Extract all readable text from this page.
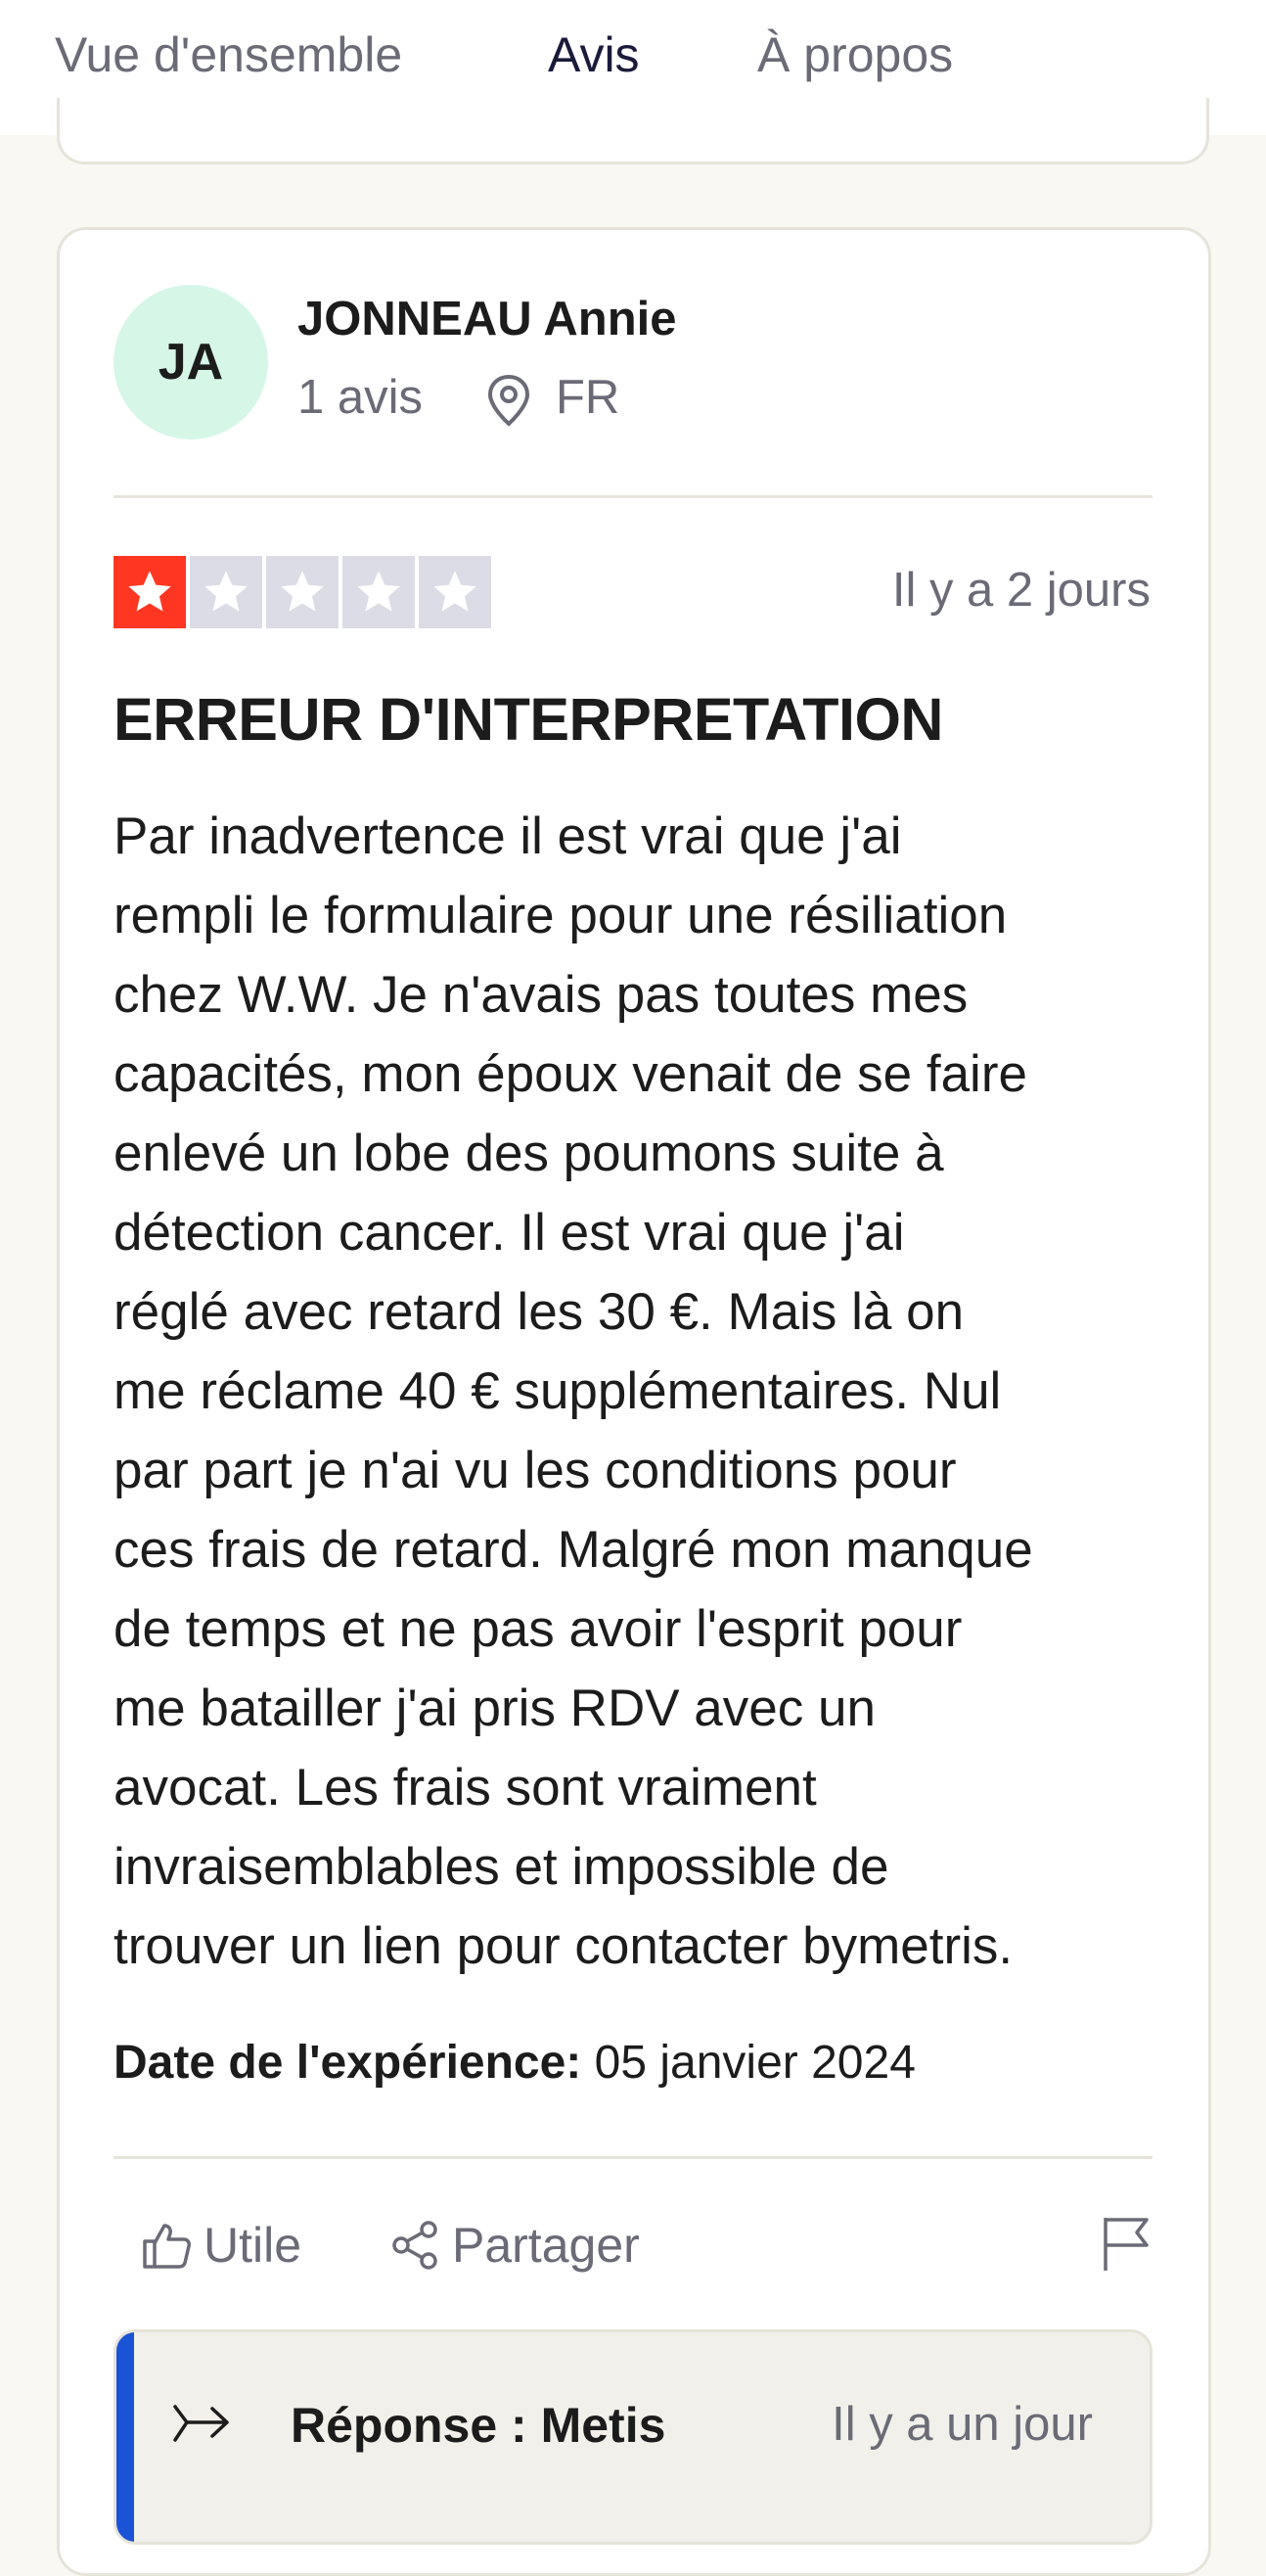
Vue d'ensemble	Avis À propos
JA
JONNEAU Annie
1 avis	FR
Il y a 2 jours
ERREUR D'INTERPRETATION
Par inadvertence il est vrai que j'ai
rempli le formulaire pour une résiliation
chez W.W. Je n'avais pas toutes mes
capacités, mon époux venait de se faire
enlevé un lobe des poumons suite à
détection cancer. Il est vrai que j'ai
réglé avec retard les 30 €. Mais là on
me réclame 40 € supplémentaires. Nul
par part je n'ai vu les conditions pour
ces frais de retard. Malgré mon manque
de temps et ne pas avoir l'esprit pour
me batailler j'ai pris RDV avec un
avocat. Les frais sont vraiment
invraisemblables et impossible de
trouver un lien pour contacter bymetris.
Date de l'expérience: 05 janvier 2024
Utile	Partager
Réponse : Metis	Il y a un jour
